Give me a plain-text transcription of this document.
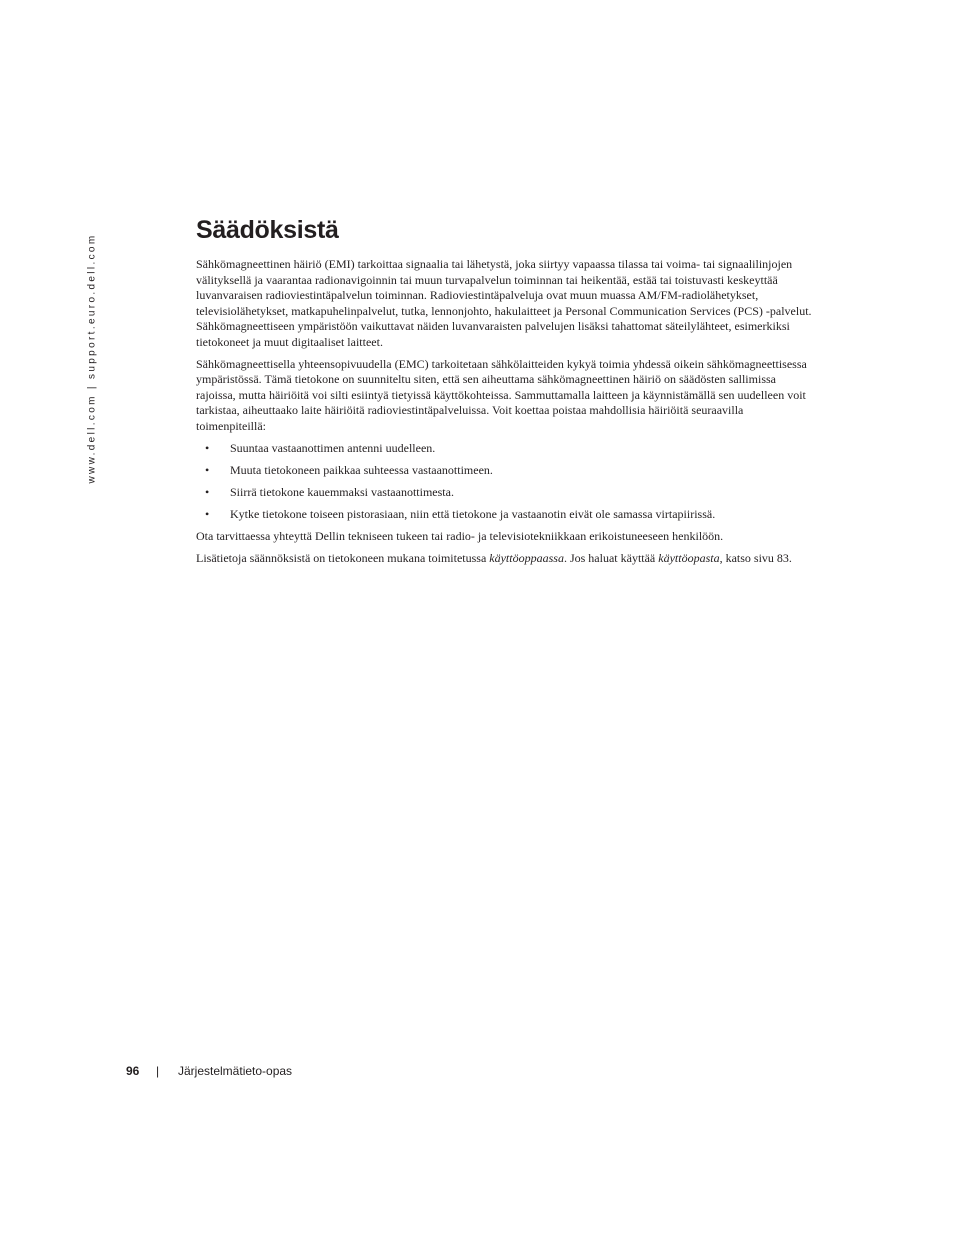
www.dell.com | support.euro.dell.com
Säädöksistä

Sähkömagneettinen häiriö (EMI) tarkoittaa signaalia tai lähetystä, joka siirtyy vapaassa tilassa tai voima- tai signaalilinjojen välityksellä ja vaarantaa radionavigoinnin tai muun turvapalvelun toiminnan tai heikentää, estää tai toistuvasti keskeyttää luvanvaraisen radioviestintäpalvelun toiminnan. Radioviestintäpalveluja ovat muun muassa AM/FM-radiolähetykset, televisiolähetykset, matkapuhelinpalvelut, tutka, lennonjohto, hakulaitteet ja Personal Communication Services (PCS) -palvelut. Sähkömagneettiseen ympäristöön vaikuttavat näiden luvanvaraisten palvelujen lisäksi tahattomat säteilylähteet, esimerkiksi tietokoneet ja muut digitaaliset laitteet.

Sähkömagneettisella yhteensopivuudella (EMC) tarkoitetaan sähkölaitteiden kykyä toimia yhdessä oikein sähkömagneettisessa ympäristössä. Tämä tietokone on suunniteltu siten, että sen aiheuttama sähkömagneettinen häiriö on säädösten sallimissa rajoissa, mutta häiriöitä voi silti esiintyä tietyissä käyttökohteissa. Sammuttamalla laitteen ja käynnistämällä sen uudelleen voit tarkistaa, aiheuttaako laite häiriöitä radioviestintäpalveluissa. Voit koettaa poistaa mahdollisia häiriöitä seuraavilla toimenpiteillä:

• Suuntaa vastaanottimen antenni uudelleen.
• Muuta tietokoneen paikkaa suhteessa vastaanottimeen.
• Siirrä tietokone kauemmaksi vastaanottimesta.
• Kytke tietokone toiseen pistorasiaan, niin että tietokone ja vastaanotin eivät ole samassa virtapiirissä.

Ota tarvittaessa yhteyttä Dellin tekniseen tukeen tai radio- ja televisiotekniikkaan erikoistuneeseen henkilöön.

Lisätietoja säännöksistä on tietokoneen mukana toimitetussa käyttöoppaassa. Jos haluat käyttää käyttöopasta, katso sivu 83.

96 | Järjestelmätieto-opas
